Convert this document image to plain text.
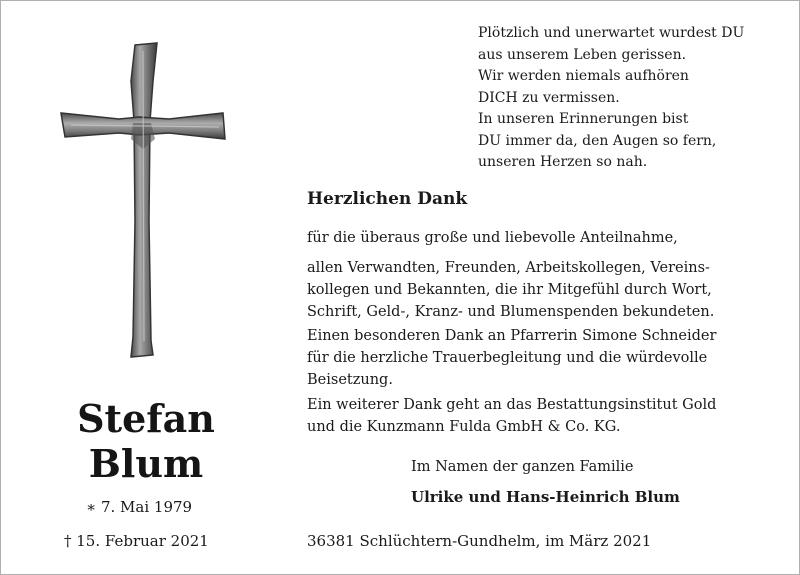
Stefan
Blum
∗ 7. Mai 1979
† 15. Februar 2021
Plötzlich und unerwartet wurdest DU
aus unserem Leben gerissen.
Wir werden niemals aufhören
DICH zu vermissen.
In unseren Erinnerungen bist
DU immer da, den Augen so fern,
unseren Herzen so nah.
Herzlichen Dank
für die überaus große und liebevolle Anteilnahme,
allen Verwandten, Freunden, Arbeitskollegen, Vereins-
kollegen und Bekannten, die ihr Mitgefühl durch Wort,
Schrift, Geld-, Kranz- und Blumenspenden bekundeten.
Einen besonderen Dank an Pfarrerin Simone Schneider
für die herzliche Trauerbegleitung und die würdevolle
Beisetzung.
Ein weiterer Dank geht an das Bestattungsinstitut Gold
und die Kunzmann Fulda GmbH & Co. KG.
Im Namen der ganzen Familie
Ulrike und Hans-Heinrich Blum
36381 Schlüchtern-Gundhelm, im März 2021
